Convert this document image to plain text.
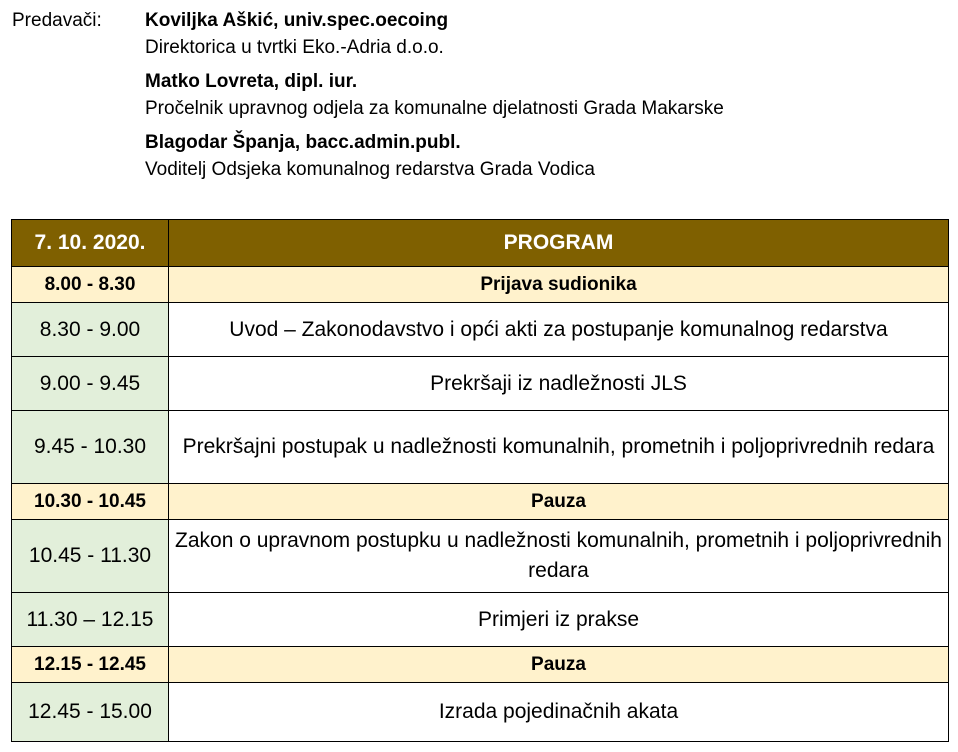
Predavači: Koviljka Aškić, univ.spec.oecoing
Direktorica u tvrtki Eko.-Adria d.o.o.
Matko Lovreta, dipl. iur.
Pročelnik upravnog odjela za komunalne djelatnosti Grada Makarske
Blagodar Španja, bacc.admin.publ.
Voditelj Odsjeka komunalnog redarstva Grada Vodica
7. 10. 2020.	PROGRAM
8.00 - 8.30	Prijava sudionika
8.30 - 9.00	Uvod – Zakonodavstvo i opći akti za postupanje komunalnog redarstva
9.00 - 9.45	Prekršaji iz nadležnosti JLS
9.45 - 10.30	Prekršajni postupak u nadležnosti komunalnih, prometnih i poljoprivrednih redara
10.30 - 10.45	Pauza
10.45 - 11.30	Zakon o upravnom postupku u nadležnosti komunalnih, prometnih i poljoprivrednih redara
11.30 – 12.15	Primjeri iz prakse
12.15 - 12.45	Pauza
12.45 - 15.00	Izrada pojedinačnih akata
